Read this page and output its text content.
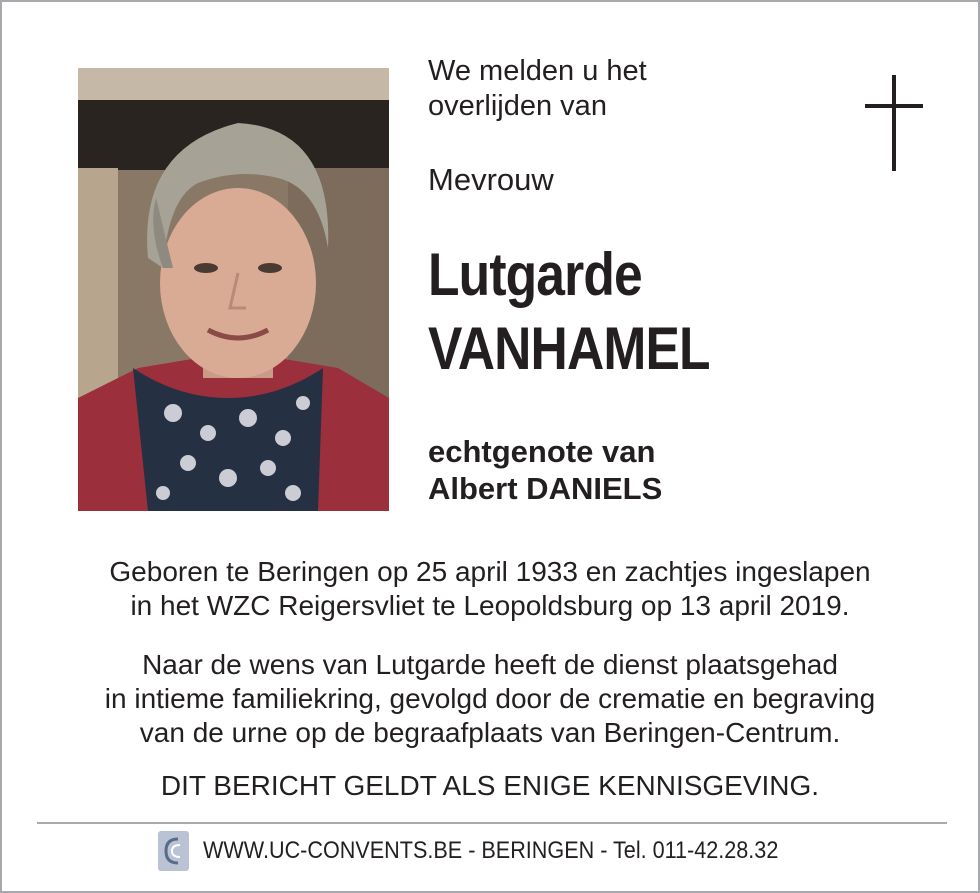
We melden u het
overlijden van
Mevrouw
Lutgarde
VANHAMEL
echtgenote van
Albert DANIELS
Geboren te Beringen op 25 april 1933 en zachtjes ingeslapen
in het WZC Reigersvliet te Leopoldsburg op 13 april 2019.
Naar de wens van Lutgarde heeft de dienst plaatsgehad
in intieme familiekring, gevolgd door de crematie en begraving
van de urne op de begraafplaats van Beringen-Centrum.
DIT BERICHT GELDT ALS ENIGE KENNISGEVING.
WWW.UC-CONVENTS.BE - BERINGEN - Tel. 011-42.28.32
